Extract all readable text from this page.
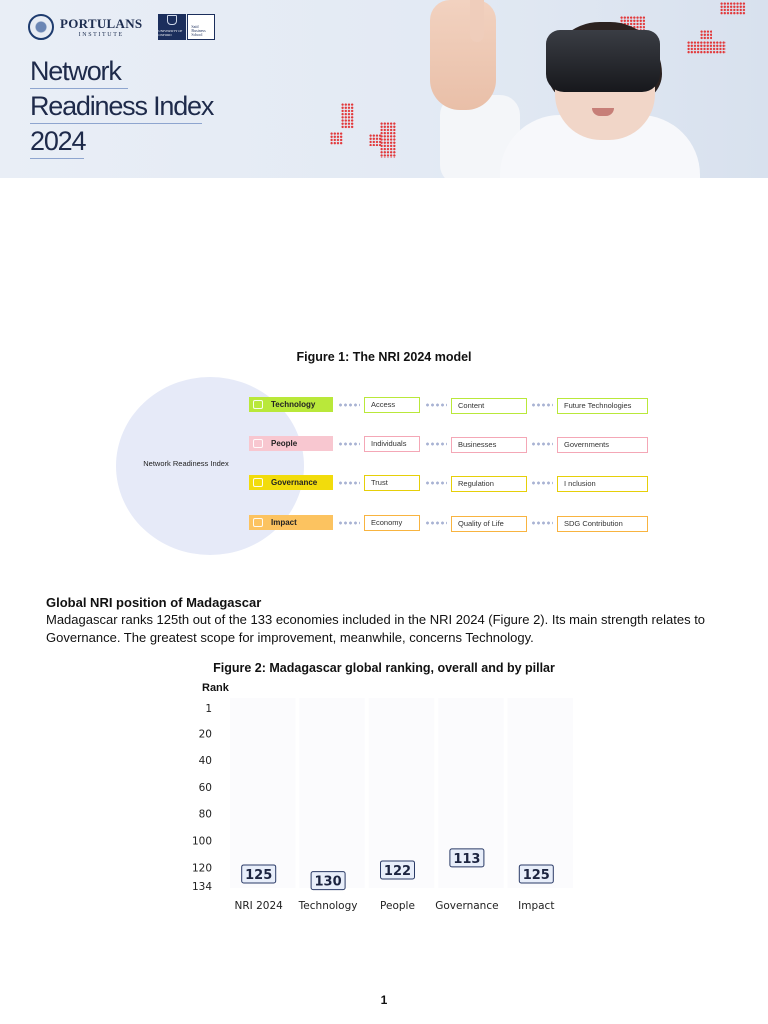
PORTULANS
INSTITUTE
UNIVERSITY OF OXFORD
Saïd Business School
Network
Readiness Index
2024
Figure 1: The NRI 2024 model
Network Readiness Index
Technology	Access	Content	Future Technologies
People	Individuals	Businesses	Governments
Governance	Trust	Regulation	I nclusion
Impact	Economy	Quality of Life	SDG Contribution
Global NRI position of Madagascar

Madagascar ranks 125th out of the 133 economies included in the NRI 2024 (Figure 2). Its main strength relates to Governance. The greatest scope for improvement, meanwhile, concerns Technology.

Figure 2: Madagascar global ranking, overall and by pillar
Rank
1
20
40
60
80
100
120
134
125
NRI 2024
130
Technology
122
People
113
Governance
125
Impact
1
